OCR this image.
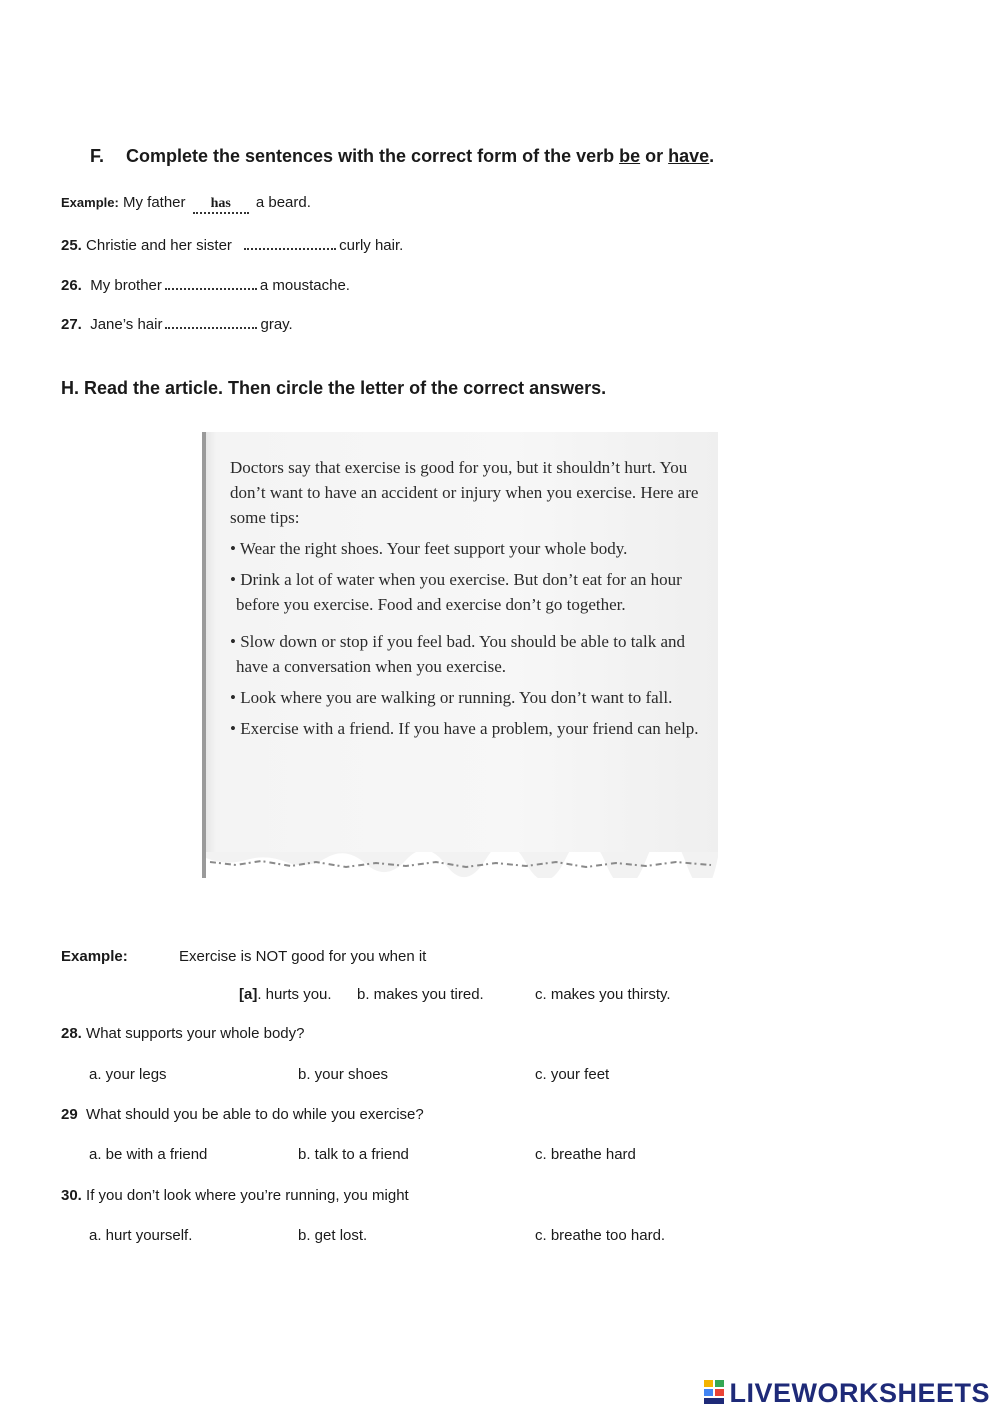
F. Complete the sentences with the correct form of the verb be or have.
Example: My father has a beard.
25. Christie and her sister	curly hair.
26. My brother	a moustache.
27. Jane’s hair	gray.
H. Read the article. Then circle the letter of the correct answers.

Doctors say that exercise is good for you, but it shouldn’t hurt. You don’t want to have an accident or injury when you exercise. Here are some tips:

• Wear the right shoes. Your feet support your whole body.

• Drink a lot of water when you exercise. But don’t eat for an hour before you exercise. Food and exercise don’t go together.

• Slow down or stop if you feel bad. You should be able to talk and have a conversation when you exercise.

• Look where you are walking or running. You don’t want to fall.

• Exercise with a friend. If you have a problem, your friend can help.

Example:	Exercise is NOT good for you when it
[a]. hurts you. b. makes you tired.	c. makes you thirsty.
28. What supports your whole body?
a. your legs	b. your shoes	c. your feet
29 What should you be able to do while you exercise?
a. be with a friend	b. talk to a friend	c. breathe hard
30. If you don’t look where you’re running, you might
a. hurt yourself.	b. get lost.	c. breathe too hard.
LIVEWORKSHEETS
